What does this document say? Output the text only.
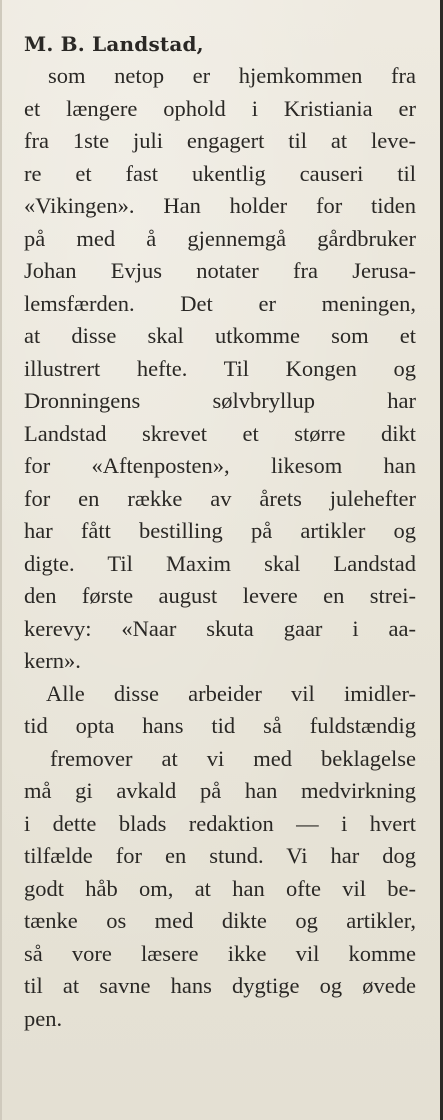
M. B. Landstad,
som netop er hjemkommen fra
et længere ophold i Kristiania er
fra 1ste juli engagert til at leve-
re et fast ukentlig causeri til
«Vikingen». Han holder for tiden
på med å gjennemgå gårdbruker
Johan Evjus notater fra Jerusa-
lemsfærden. Det er meningen,
at disse skal utkomme som et
illustrert hefte. Til Kongen og
Dronningens sølvbryllup har
Landstad skrevet et større dikt
for «Aftenposten», likesom han
for en række av årets julehefter
har fått bestilling på artikler og
digte. Til Maxim skal Landstad
den første august levere en strei-
kerevy: «Naar skuta gaar i aa-
kern».
Alle disse arbeider vil imidler-
tid opta hans tid så fuldstændig
fremover at vi med beklagelse
må gi avkald på han medvirkning
i dette blads redaktion — i hvert
tilfælde for en stund. Vi har dog
godt håb om, at han ofte vil be-
tænke os med dikte og artikler,
så vore læsere ikke vil komme
til at savne hans dygtige og øvede
pen.
